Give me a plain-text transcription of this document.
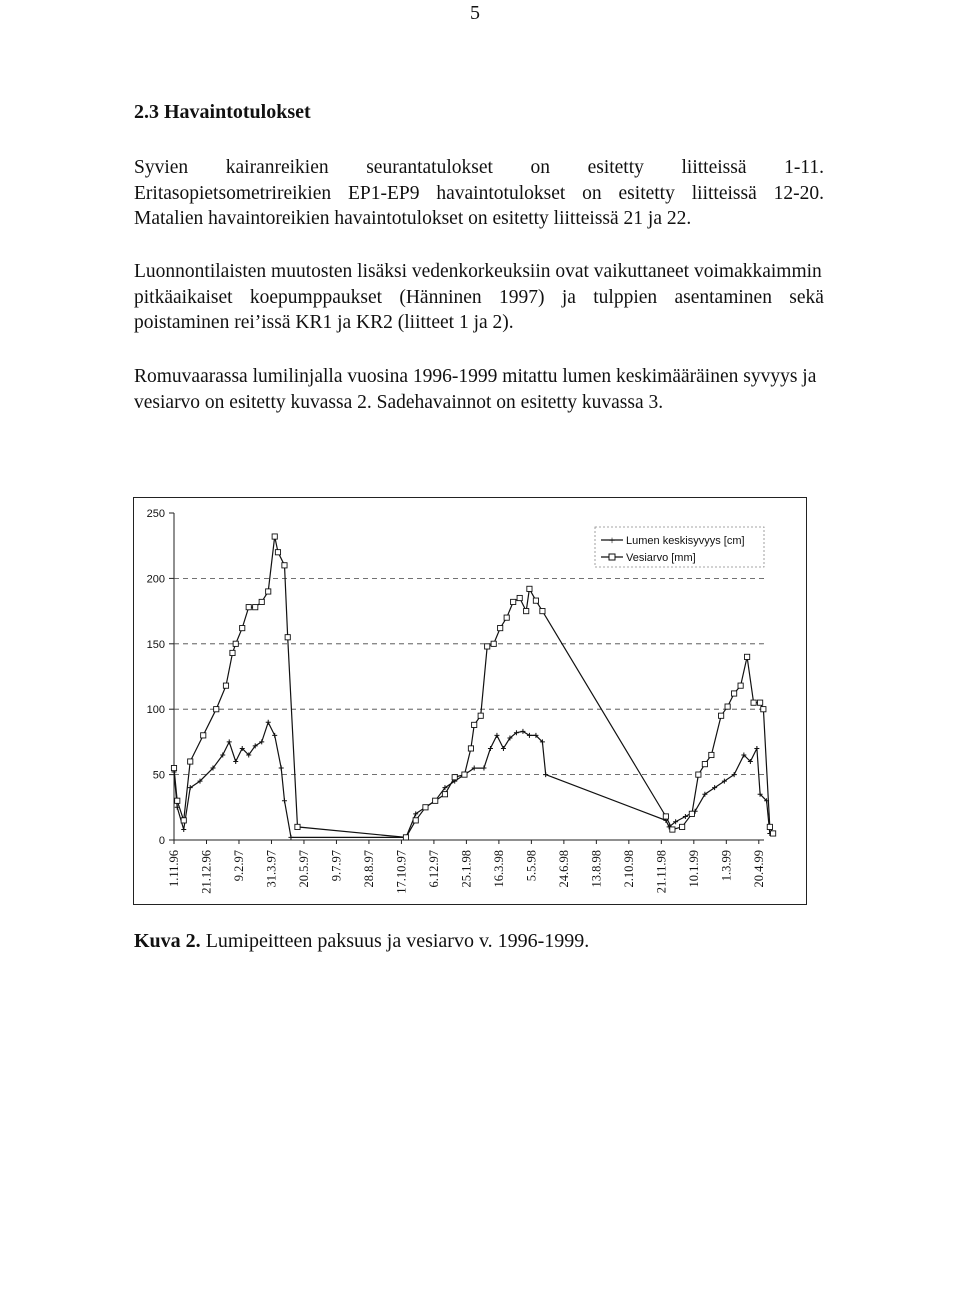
5
2.3 Havaintotulokset
Syvien kairanreikien seurantatulokset on esitetty liitteissä 1-11.
Eritasopietsometrireikien EP1-EP9 havaintotulokset on esitetty liitteissä 12-20.
Matalien havaintoreikien havaintotulokset on esitetty liitteissä 21 ja 22.
Luonnontilaisten muutosten lisäksi vedenkorkeuksiin ovat vaikuttaneet voimakkaimmin
pitkäaikaiset koepumppaukset (Hänninen 1997) ja tulppien asentaminen sekä
poistaminen rei’issä KR1 ja KR2 (liitteet 1 ja 2).
Romuvaarassa lumilinjalla vuosina 1996-1999 mitattu lumen keskimääräinen syvyys ja
vesiarvo on esitetty kuvassa 2. Sadehavainnot on esitetty kuvassa 3.
0
50
100
150
200
250
1.11.96 21.12.96 9.2.97 31.3.97 20.5.97 9.7.97 28.8.97 17.10.97 6.12.97 25.1.98 16.3.98 5.5.98 24.6.98 13.8.98 2.10.98 21.11.98 10.1.99 1.3.99 20.4.99
+ Lumen keskisyvyys [cm]
Vesiarvo [mm]
Kuva 2. Lumipeitteen paksuus ja vesiarvo v. 1996-1999.
